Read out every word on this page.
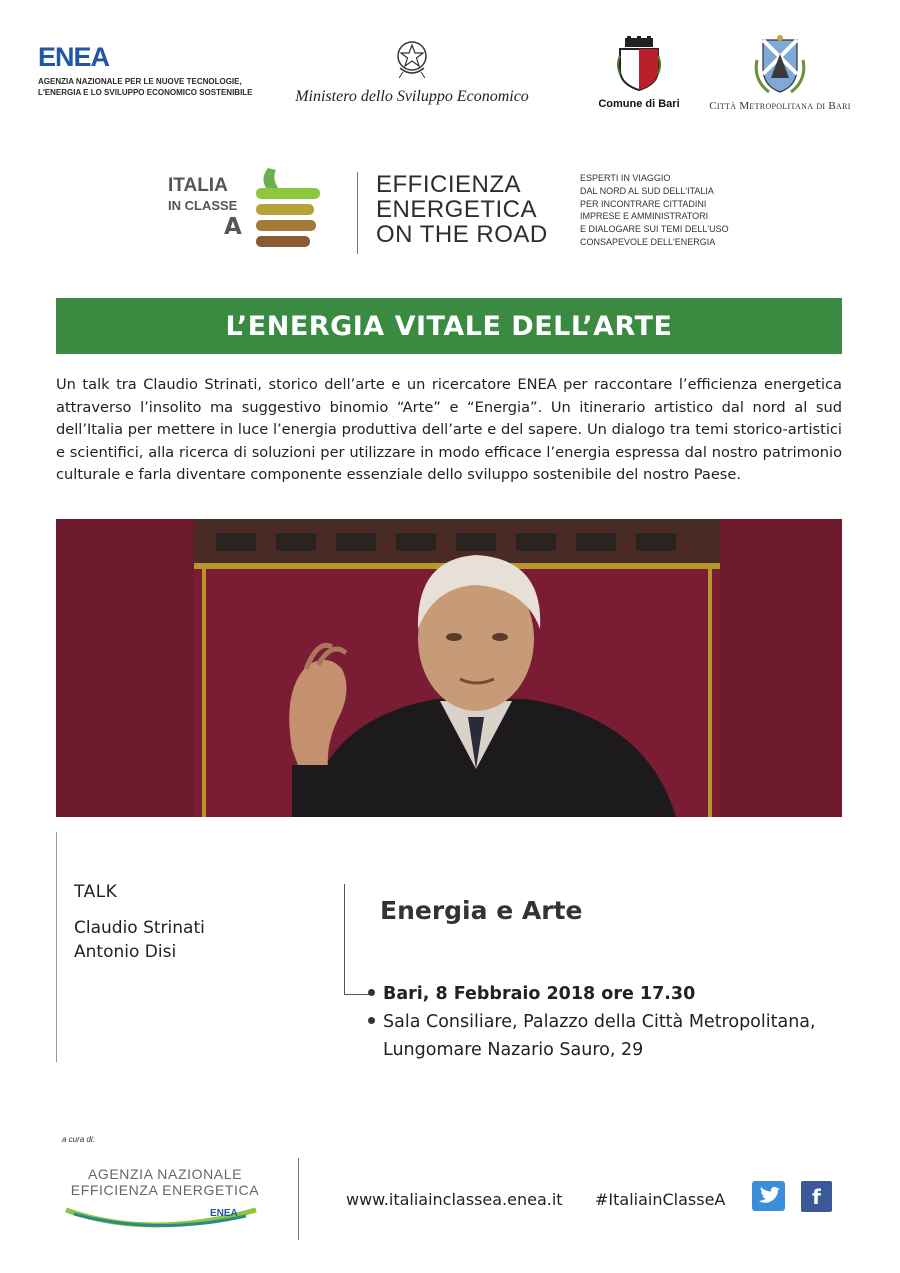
ENEA
AGENZIA NAZIONALE PER LE NUOVE TECNOLOGIE,
L'ENERGIA E LO SVILUPPO ECONOMICO SOSTENIBILE	Ministero dello Sviluppo Economico	Comune di Bari	Città Metropolitana di Bari
ITALIA
IN CLASSE
A
EFFICIENZA
ENERGETICA
ON THE ROAD
ESPERTI IN VIAGGIO
DAL NORD AL SUD DELL'ITALIA
PER INCONTRARE CITTADINI
IMPRESE E AMMINISTRATORI
E DIALOGARE SUI TEMI DELL'USO
CONSAPEVOLE DELL'ENERGIA
L’ENERGIA VITALE DELL’ARTE

Un talk tra Claudio Strinati, storico dell’arte e un ricercatore ENEA per raccontare l’efficienza energetica attraverso l’insolito ma suggestivo binomio “Arte” e “Energia”. Un itinerario artistico dal nord al sud dell’Italia per mettere in luce l’energia produttiva dell’arte e del sapere. Un dialogo tra temi storico-artistici e scientifici, alla ricerca di soluzioni per utilizzare in modo efficace l’energia espressa dal nostro patrimonio culturale e farla diventare componente essenziale dello sviluppo sostenibile del nostro Paese.

TALK
Claudio Strinati
Antonio Disi
Energia e Arte
Bari, 8 Febbraio 2018 ore 17.30
Sala Consiliare, Palazzo della Città Metropolitana,
Lungomare Nazario Sauro, 29
a cura di:
AGENZIA NAZIONALE
EFFICIENZA ENERGETICA
ENEA
www.italiainclassea.enea.it #ItaliainClasseA	f
